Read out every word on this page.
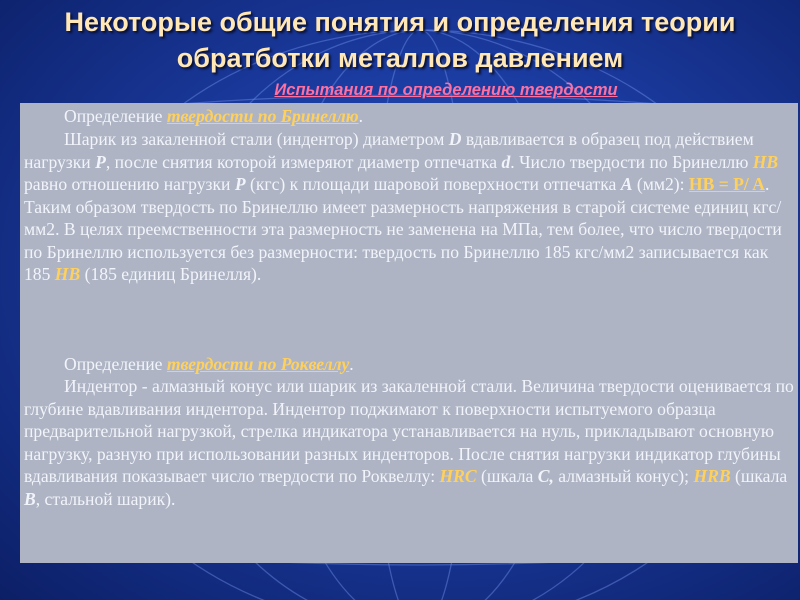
Некоторые общие понятия и определения теории
обратботки металлов давлением
Испытания по определению твердости

Определение твердости по Бринеллю.

Шарик из закаленной стали (индентор) диаметром D вдавливается в образец под действием нагрузки P, после снятия которой измеряют диаметр отпечатка d. Число твердости по Бринеллю HB равно отношению нагрузки P (кгс) к площади шаровой поверхности отпечатка A (мм2): HB = P/ A. Таким образом твердость по Бринеллю имеет размерность напряжения в старой системе единиц кгс/мм2. В целях преемственности эта размерность не заменена на МПа, тем более, что число твердости по Бринеллю используется без размерности: твердость по Бринеллю 185 кгс/мм2 записывается как 185 HB (185 единиц Бринелля).

Определение твердости по Роквеллу.

Индентор - алмазный конус или шарик из закаленной стали. Величина твердости оценивается по глубине вдавливания индентора. Индентор поджимают к поверхности испытуемого образца предварительной нагрузкой, стрелка индикатора устанавливается на нуль, прикладывают основную нагрузку, разную при использовании разных инденторов. После снятия нагрузки индикатор глубины вдавливания показывает число твердости по Роквеллу: HRC (шкала С, алмазный конус); HRB (шкала В, стальной шарик).
